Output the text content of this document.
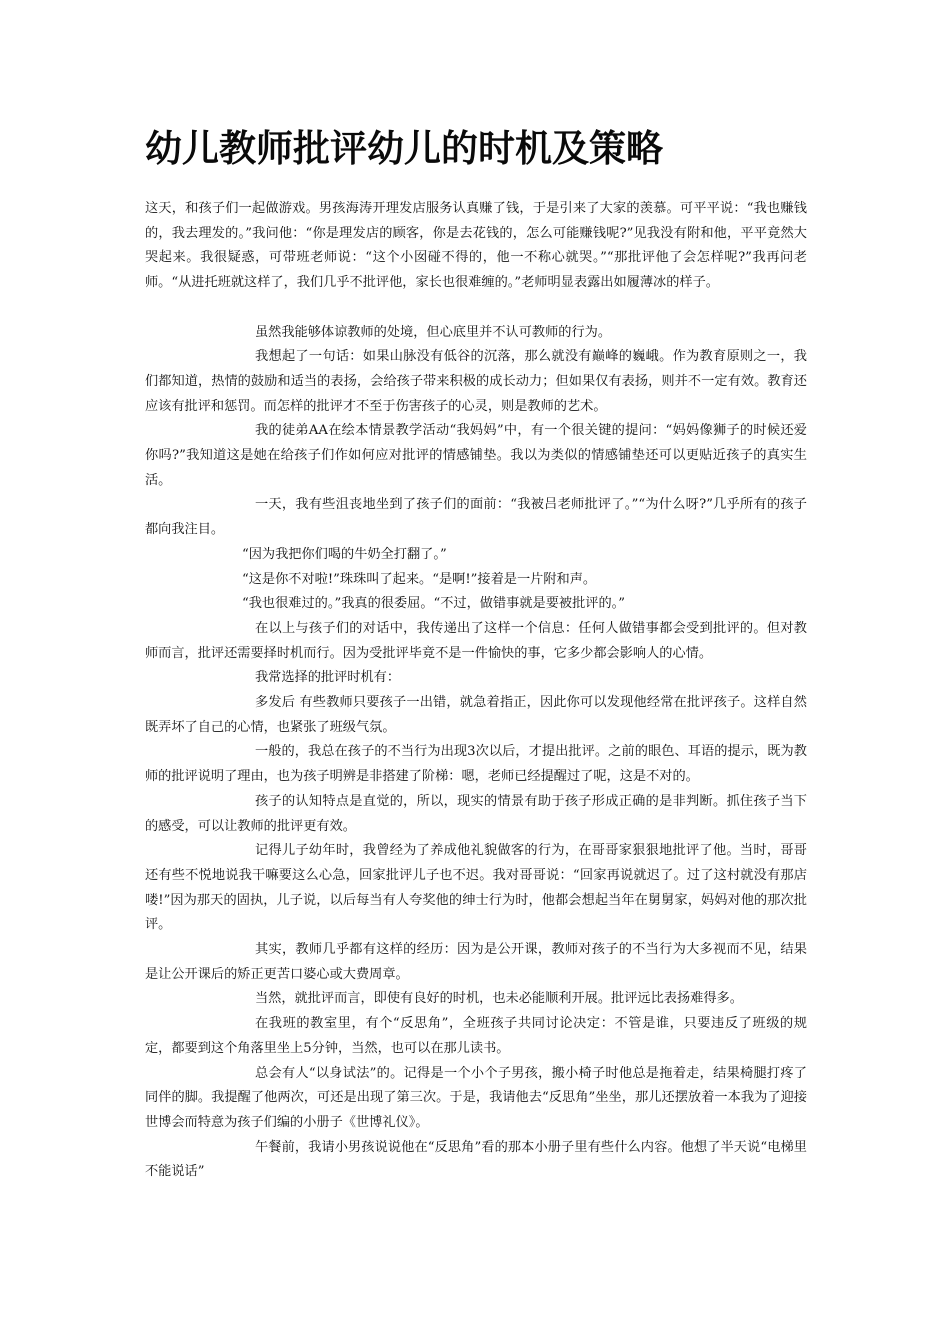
幼儿教师批评幼儿的时机及策略

这天，和孩子们一起做游戏。男孩海涛开理发店服务认真赚了钱，于是引来了大家的羡慕。可平平说：“我也赚钱的，我去理发的。”我问他：“你是理发店的顾客，你是去花钱的，怎么可能赚钱呢?”见我没有附和他，平平竟然大哭起来。我很疑惑，可带班老师说：“这个小囡碰不得的，他一不称心就哭。”“那批评他了会怎样呢?”我再问老师。“从进托班就这样了，我们几乎不批评他，家长也很难缠的。”老师明显表露出如履薄冰的样子。

虽然我能够体谅教师的处境，但心底里并不认可教师的行为。

我想起了一句话：如果山脉没有低谷的沉落，那么就没有巅峰的巍峨。作为教育原则之一，我们都知道，热情的鼓励和适当的表扬，会给孩子带来积极的成长动力；但如果仅有表扬，则并不一定有效。教育还应该有批评和惩罚。而怎样的批评才不至于伤害孩子的心灵，则是教师的艺术。

我的徒弟AA在绘本情景教学活动“我妈妈”中，有一个很关键的提问：“妈妈像狮子的时候还爱你吗?”我知道这是她在给孩子们作如何应对批评的情感铺垫。我以为类似的情感铺垫还可以更贴近孩子的真实生活。

一天，我有些沮丧地坐到了孩子们的面前：“我被吕老师批评了。”“为什么呀?”几乎所有的孩子都向我注目。

“因为我把你们喝的牛奶全打翻了。”

“这是你不对啦!”珠珠叫了起来。“是啊!”接着是一片附和声。

“我也很难过的。”我真的很委屈。“不过，做错事就是要被批评的。”

在以上与孩子们的对话中，我传递出了这样一个信息：任何人做错事都会受到批评的。但对教师而言，批评还需要择时机而行。因为受批评毕竟不是一件愉快的事，它多少都会影响人的心情。

我常选择的批评时机有：

多发后 有些教师只要孩子一出错，就急着指正，因此你可以发现他经常在批评孩子。这样自然既弄坏了自己的心情，也紧张了班级气氛。

一般的，我总在孩子的不当行为出现3次以后，才提出批评。之前的眼色、耳语的提示，既为教师的批评说明了理由，也为孩子明辨是非搭建了阶梯：嗯，老师已经提醒过了呢，这是不对的。

孩子的认知特点是直觉的，所以，现实的情景有助于孩子形成正确的是非判断。抓住孩子当下的感受，可以让教师的批评更有效。

记得儿子幼年时，我曾经为了养成他礼貌做客的行为，在哥哥家狠狠地批评了他。当时，哥哥还有些不悦地说我干嘛要这么心急，回家批评儿子也不迟。我对哥哥说：“回家再说就迟了。过了这村就没有那店喽!”因为那天的固执，儿子说，以后每当有人夸奖他的绅士行为时，他都会想起当年在舅舅家，妈妈对他的那次批评。

其实，教师几乎都有这样的经历：因为是公开课，教师对孩子的不当行为大多视而不见，结果是让公开课后的矫正更苦口婆心或大费周章。

当然，就批评而言，即使有良好的时机，也未必能顺利开展。批评远比表扬难得多。

在我班的教室里，有个“反思角”，全班孩子共同讨论决定：不管是谁，只要违反了班级的规定，都要到这个角落里坐上5分钟，当然，也可以在那儿读书。

总会有人“以身试法”的。记得是一个小个子男孩，搬小椅子时他总是拖着走，结果椅腿打疼了同伴的脚。我提醒了他两次，可还是出现了第三次。于是，我请他去“反思角”坐坐，那儿还摆放着一本我为了迎接世博会而特意为孩子们编的小册子《世博礼仪》。

午餐前，我请小男孩说说他在“反思角”看的那本小册子里有些什么内容。他想了半天说“电梯里不能说话”
